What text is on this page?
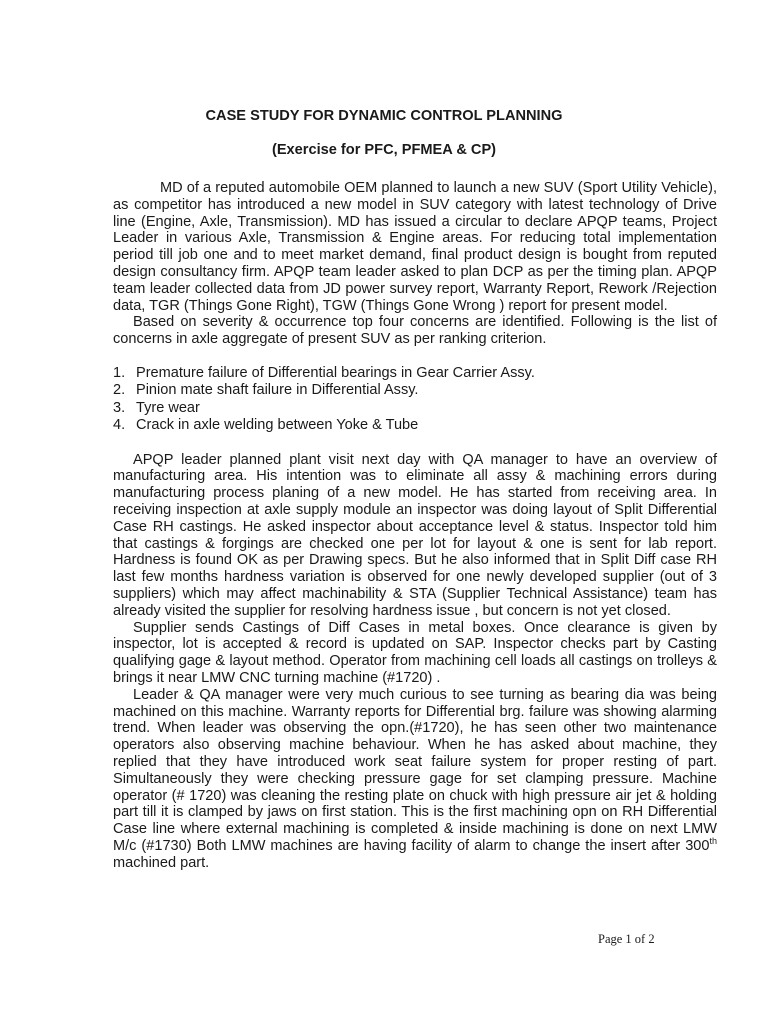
CASE STUDY FOR DYNAMIC CONTROL PLANNING
(Exercise for PFC, PFMEA & CP)

MD of a reputed automobile OEM planned to launch a new SUV (Sport Utility Vehicle), as competitor has introduced a new model in SUV category with latest technology of Drive line (Engine, Axle, Transmission). MD has issued a circular to declare APQP teams, Project Leader in various Axle, Transmission & Engine areas. For reducing total implementation period till job one and to meet market demand, final product design is bought from reputed design consultancy firm. APQP team leader asked to plan DCP as per the timing plan. APQP team leader collected data from JD power survey report, Warranty Report, Rework /Rejection data, TGR (Things Gone Right), TGW (Things Gone Wrong ) report for present model.

Based on severity & occurrence top four concerns are identified. Following is the list of concerns in axle aggregate of present SUV as per ranking criterion.

1. Premature failure of Differential bearings in Gear Carrier Assy.
2. Pinion mate shaft failure in Differential Assy.
3. Tyre wear
4. Crack in axle welding between Yoke & Tube

APQP leader planned plant visit next day with QA manager to have an overview of manufacturing area. His intention was to eliminate all assy & machining errors during manufacturing process planing of a new model. He has started from receiving area. In receiving inspection at axle supply module an inspector was doing layout of Split Differential Case RH castings. He asked inspector about acceptance level & status. Inspector told him that castings & forgings are checked one per lot for layout & one is sent for lab report. Hardness is found OK as per Drawing specs. But he also informed that in Split Diff case RH last few months hardness variation is observed for one newly developed supplier (out of 3 suppliers) which may affect machinability & STA (Supplier Technical Assistance) team has already visited the supplier for resolving hardness issue , but concern is not yet closed.

Supplier sends Castings of Diff Cases in metal boxes. Once clearance is given by inspector, lot is accepted & record is updated on SAP. Inspector checks part by Casting qualifying gage & layout method. Operator from machining cell loads all castings on trolleys & brings it near LMW CNC turning machine (#1720) .

Leader & QA manager were very much curious to see turning as bearing dia was being machined on this machine. Warranty reports for Differential brg. failure was showing alarming trend. When leader was observing the opn.(#1720), he has seen other two maintenance operators also observing machine behaviour. When he has asked about machine, they replied that they have introduced work seat failure system for proper resting of part. Simultaneously they were checking pressure gage for set clamping pressure. Machine operator (# 1720) was cleaning the resting plate on chuck with high pressure air jet & holding part till it is clamped by jaws on first station. This is the first machining opn on RH Differential Case line where external machining is completed & inside machining is done on next LMW M/c (#1730) Both LMW machines are having facility of alarm to change the insert after 300th machined part.

Page 1 of 2
